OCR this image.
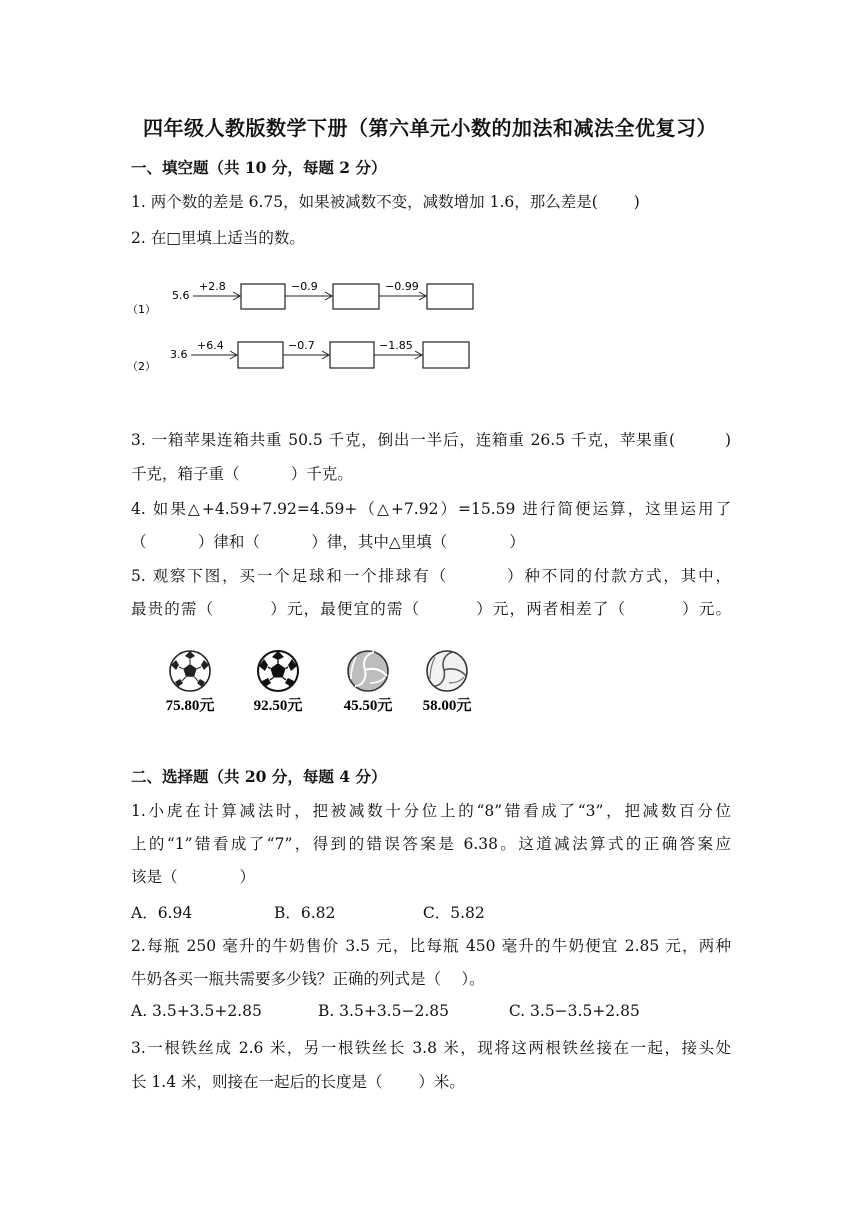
四年级人教版数学下册（第六单元小数的加法和减法全优复习）
一、填空题（共 10 分，每题 2 分）
1. 两个数的差是 6.75，如果被减数不变，减数增加 1.6，那么差是(　　 )
2. 在□里填上适当的数。
（1）
5.6
+2.8	−0.9	−0.99
（2）
3.6
+6.4	−0.7	−1.85
3. 一箱苹果连箱共重 50.5 千克，倒出一半后，连箱重 26.5 千克，苹果重(　　　)
千克，箱子重（　　　 ）千克。
4. 如果△+4.59+7.92=4.59+（△+7.92）=15.59 进行简便运算，这里运用了
（　　　 ）律和（　　　 ）律，其中△里填（　　　　）
5. 观察下图，买一个足球和一个排球有（　　　 ）种不同的付款方式，其中，
最贵的需（　　　 ）元，最便宜的需（　　　 ）元，两者相差了（　　　 ）元。
75.80元	92.50元	45.50元 58.00元
二、选择题（共 20 分，每题 4 分）
1.小虎在计算减法时，把被减数十分位上的“8”错看成了“3”，把减数百分位
上的“1”错看成了“7”，得到的错误答案是 6.38。这道减法算式的正确答案应
该是（　　　　）
A．6.94	B．6.82	C．5.82
2.每瓶 250 毫升的牛奶售价 3.5 元，比每瓶 450 毫升的牛奶便宜 2.85 元，两种
牛奶各买一瓶共需要多少钱？正确的列式是（　 ）。
A. 3.5+3.5+2.85	B. 3.5+3.5−2.85	C. 3.5−3.5+2.85
3.一根铁丝成 2.6 米，另一根铁丝长 3.8 米，现将这两根铁丝接在一起，接头处
长 1.4 米，则接在一起后的长度是（　　 ）米。
